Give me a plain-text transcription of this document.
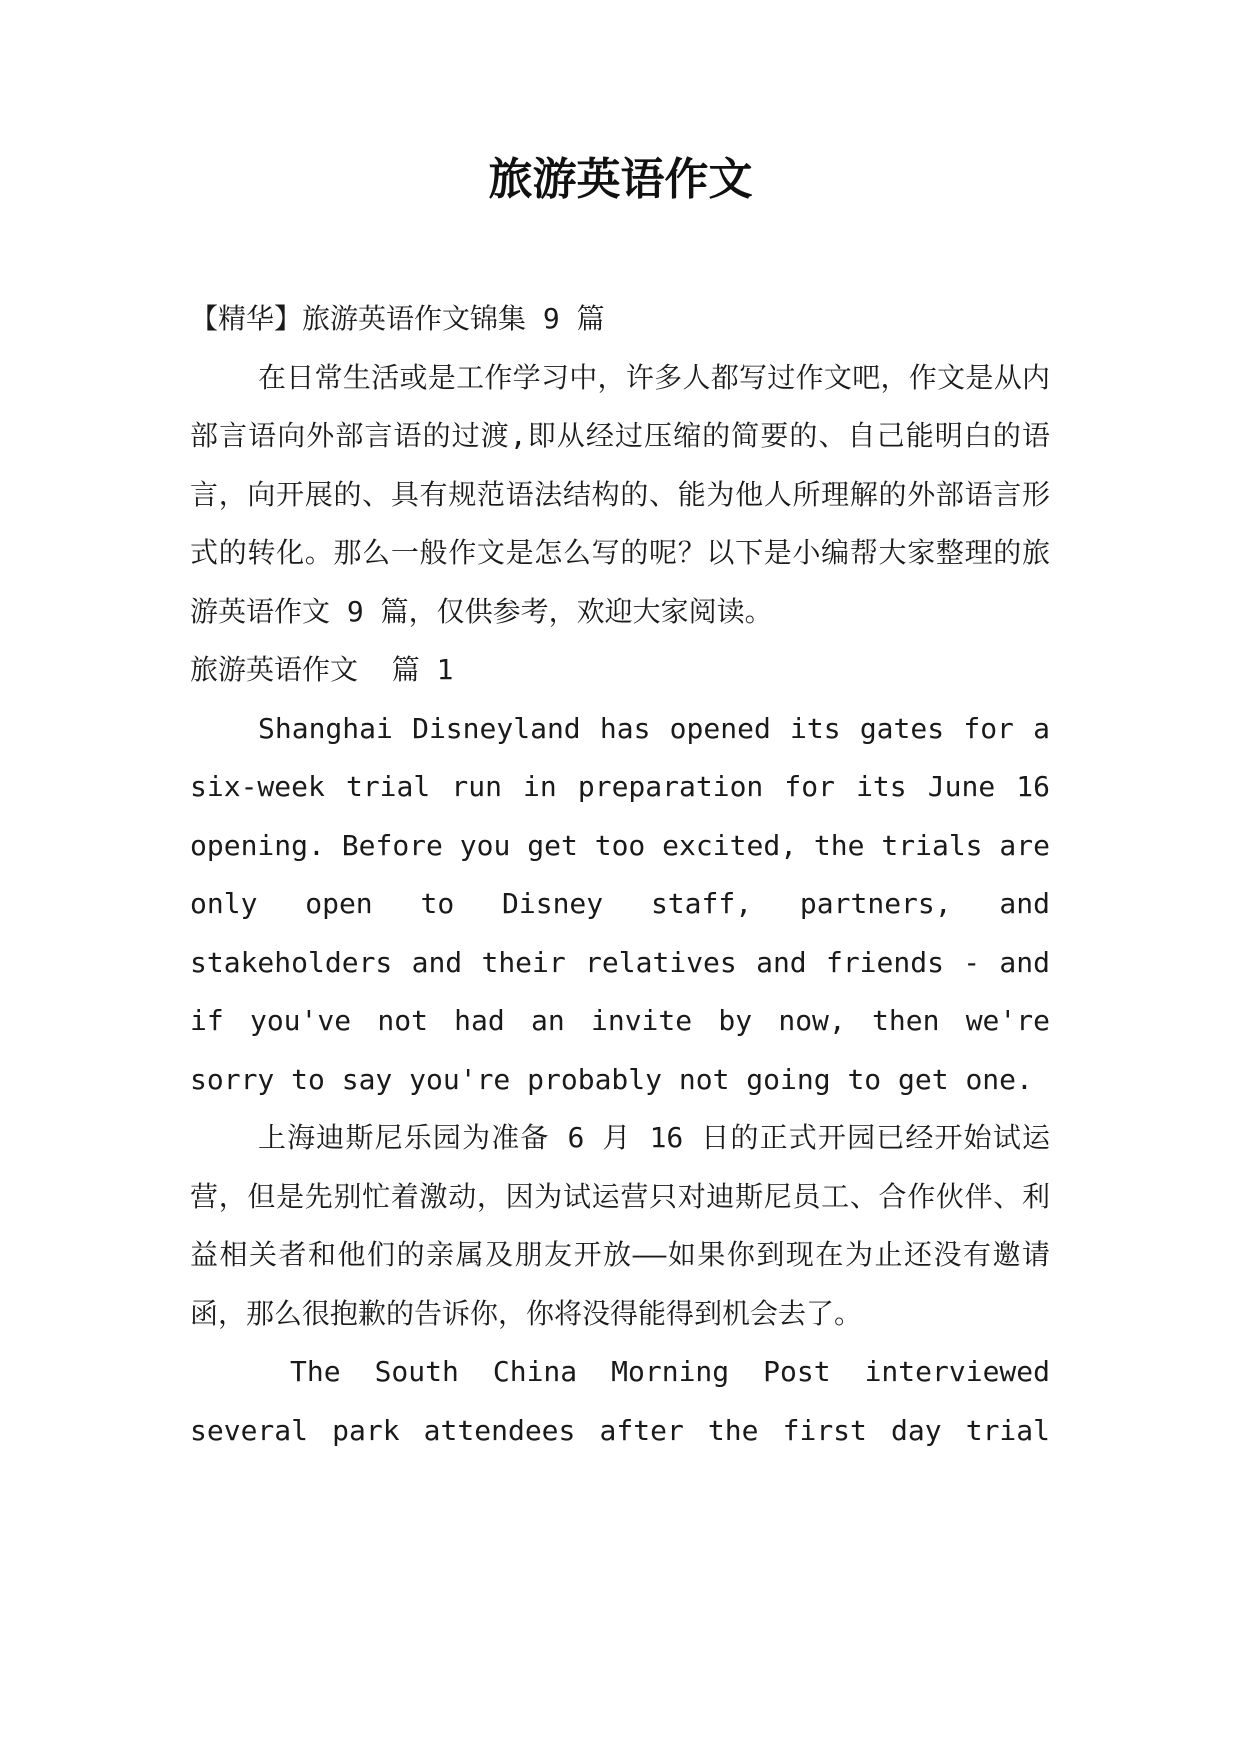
旅游英语作文

【精华】旅游英语作文锦集 9 篇

在日常生活或是工作学习中，许多人都写过作文吧，作文是从内部言语向外部言语的过渡,即从经过压缩的简要的、自己能明白的语言，向开展的、具有规范语法结构的、能为他人所理解的外部语言形式的转化。那么一般作文是怎么写的呢？以下是小编帮大家整理的旅游英语作文 9 篇，仅供参考，欢迎大家阅读。

旅游英语作文  篇 1

Shanghai Disneyland has opened its gates for a six-week trial run in preparation for its June 16 opening. Before you get too excited, the trials are only open to Disney staff, partners, and stakeholders and their relatives and friends - and if you've not had an invite by now, then we're sorry to say you're probably not going to get one.

上海迪斯尼乐园为准备 6 月 16 日的正式开园已经开始试运营，但是先别忙着激动，因为试运营只对迪斯尼员工、合作伙伴、利益相关者和他们的亲属及朋友开放——如果你到现在为止还没有邀请函，那么很抱歉的告诉你，你将没得能得到机会去了。

The South China Morning Post interviewed several park attendees after the first day trial
